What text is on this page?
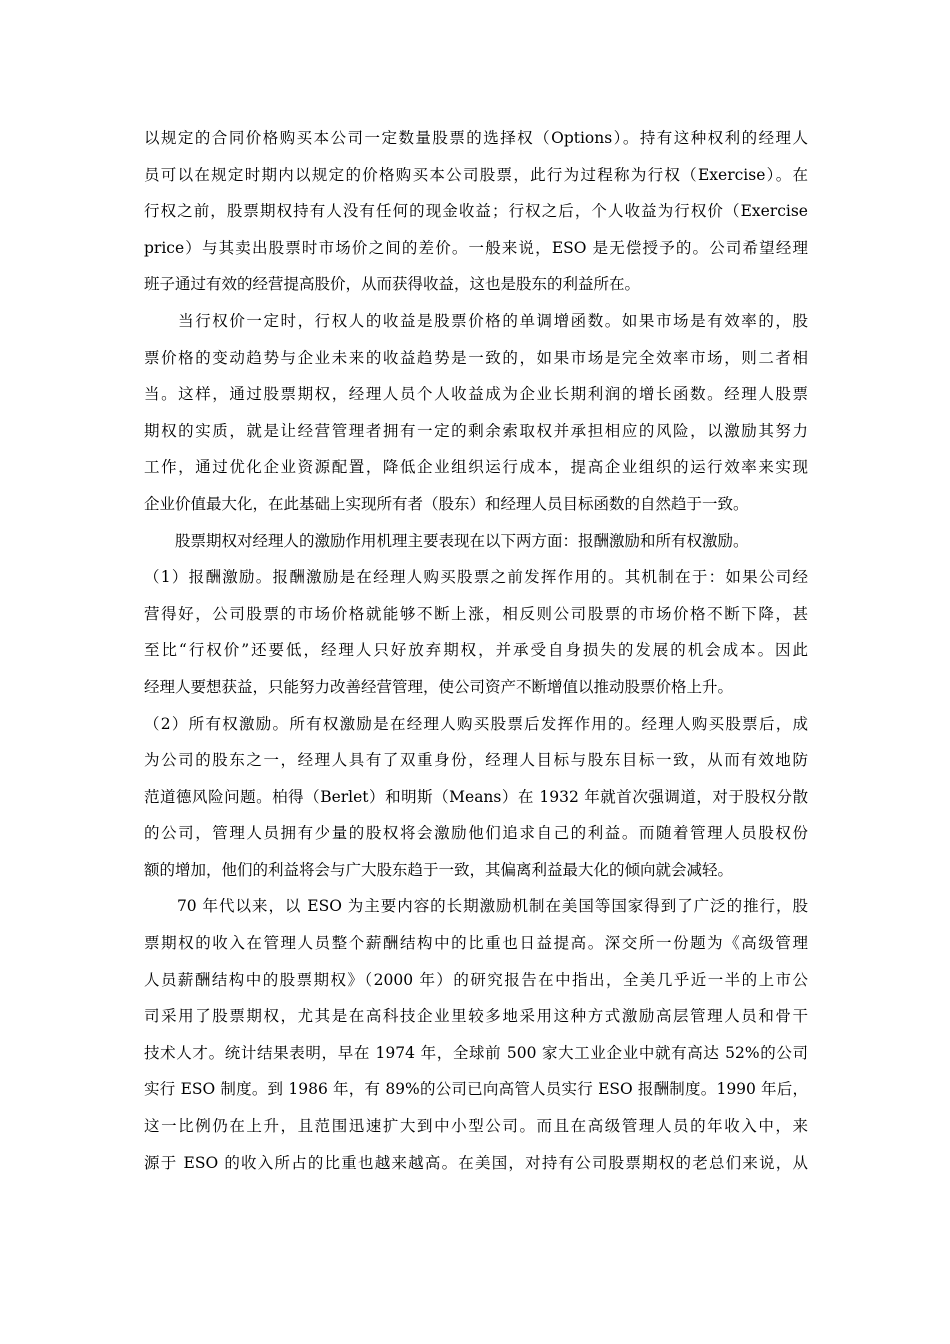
以规定的合同价格购买本公司一定数量股票的选择权（Options）。持有这种权利的经理人
员可以在规定时期内以规定的价格购买本公司股票，此行为过程称为行权（Exercise）。在
行权之前，股票期权持有人没有任何的现金收益；行权之后，个人收益为行权价（Exercise
price）与其卖出股票时市场价之间的差价。一般来说，ESO 是无偿授予的。公司希望经理
班子通过有效的经营提高股价，从而获得收益，这也是股东的利益所在。
　　当行权价一定时，行权人的收益是股票价格的单调增函数。如果市场是有效率的，股
票价格的变动趋势与企业未来的收益趋势是一致的，如果市场是完全效率市场，则二者相
当。这样，通过股票期权，经理人员个人收益成为企业长期利润的增长函数。经理人股票
期权的实质，就是让经营管理者拥有一定的剩余索取权并承担相应的风险，以激励其努力
工作，通过优化企业资源配置，降低企业组织运行成本，提高企业组织的运行效率来实现
企业价值最大化，在此基础上实现所有者（股东）和经理人员目标函数的自然趋于一致。
　　股票期权对经理人的激励作用机理主要表现在以下两方面：报酬激励和所有权激励。
（1）报酬激励。报酬激励是在经理人购买股票之前发挥作用的。其机制在于：如果公司经
营得好，公司股票的市场价格就能够不断上涨，相反则公司股票的市场价格不断下降，甚
至比“行权价”还要低，经理人只好放弃期权，并承受自身损失的发展的机会成本。因此
经理人要想获益，只能努力改善经营管理，使公司资产不断增值以推动股票价格上升。
（2）所有权激励。所有权激励是在经理人购买股票后发挥作用的。经理人购买股票后，成
为公司的股东之一，经理人具有了双重身份，经理人目标与股东目标一致，从而有效地防
范道德风险问题。柏得（Berlet）和明斯（Means）在 1932 年就首次强调道，对于股权分散
的公司，管理人员拥有少量的股权将会激励他们追求自己的利益。而随着管理人员股权份
额的增加，他们的利益将会与广大股东趋于一致，其偏离利益最大化的倾向就会减轻。
　　70 年代以来，以 ESO 为主要内容的长期激励机制在美国等国家得到了广泛的推行，股
票期权的收入在管理人员整个薪酬结构中的比重也日益提高。深交所一份题为《高级管理
人员薪酬结构中的股票期权》（2000 年）的研究报告在中指出，全美几乎近一半的上市公
司采用了股票期权，尤其是在高科技企业里较多地采用这种方式激励高层管理人员和骨干
技术人才。统计结果表明，早在 1974 年，全球前 500 家大工业企业中就有高达 52%的公司
实行 ESO 制度。到 1986 年，有 89%的公司已向高管人员实行 ESO 报酬制度。1990 年后，
这一比例仍在上升，且范围迅速扩大到中小型公司。而且在高级管理人员的年收入中，来
源于 ESO 的收入所占的比重也越来越高。在美国，对持有公司股票期权的老总们来说，从
